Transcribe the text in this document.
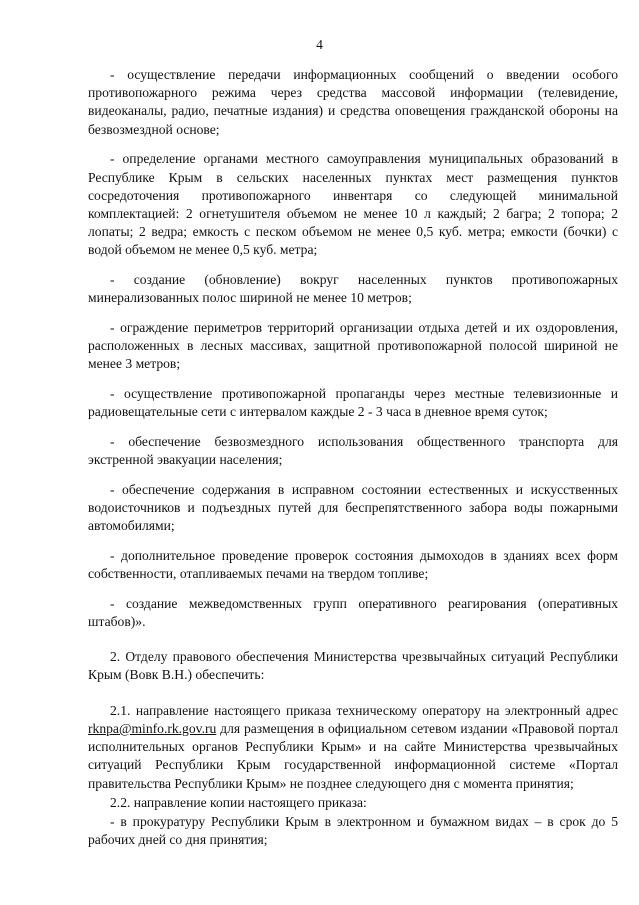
4

- осуществление передачи информационных сообщений о введении особого противопожарного режима через средства массовой информации (телевидение, видеоканалы, радио, печатные издания) и средства оповещения гражданской обороны на безвозмездной основе;

- определение органами местного самоуправления муниципальных образований в Республике Крым в сельских населенных пунктах мест размещения пунктов сосредоточения противопожарного инвентаря со следующей минимальной комплектацией: 2 огнетушителя объемом не менее 10 л каждый; 2 багра; 2 топора; 2 лопаты; 2 ведра; емкость с песком объемом не менее 0,5 куб. метра; емкости (бочки) с водой объемом не менее 0,5 куб. метра;

- создание (обновление) вокруг населенных пунктов противопожарных минерализованных полос шириной не менее 10 метров;

- ограждение периметров территорий организации отдыха детей и их оздоровления, расположенных в лесных массивах, защитной противопожарной полосой шириной не менее 3 метров;

- осуществление противопожарной пропаганды через местные телевизионные и радиовещательные сети с интервалом каждые 2 - 3 часа в дневное время суток;

- обеспечение безвозмездного использования общественного транспорта для экстренной эвакуации населения;

- обеспечение содержания в исправном состоянии естественных и искусственных водоисточников и подъездных путей для беспрепятственного забора воды пожарными автомобилями;

- дополнительное проведение проверок состояния дымоходов в зданиях всех форм собственности, отапливаемых печами на твердом топливе;

- создание межведомственных групп оперативного реагирования (оперативных штабов)».

2. Отделу правового обеспечения Министерства чрезвычайных ситуаций Республики Крым (Вовк В.Н.) обеспечить:

2.1. направление настоящего приказа техническому оператору на электронный адрес rknpa@minfo.rk.gov.ru для размещения в официальном сетевом издании «Правовой портал исполнительных органов Республики Крым» и на сайте Министерства чрезвычайных ситуаций Республики Крым государственной информационной системе «Портал правительства Республики Крым» не позднее следующего дня с момента принятия;

2.2. направление копии настоящего приказа:

- в прокуратуру Республики Крым в электронном и бумажном видах – в срок до 5 рабочих дней со дня принятия;
